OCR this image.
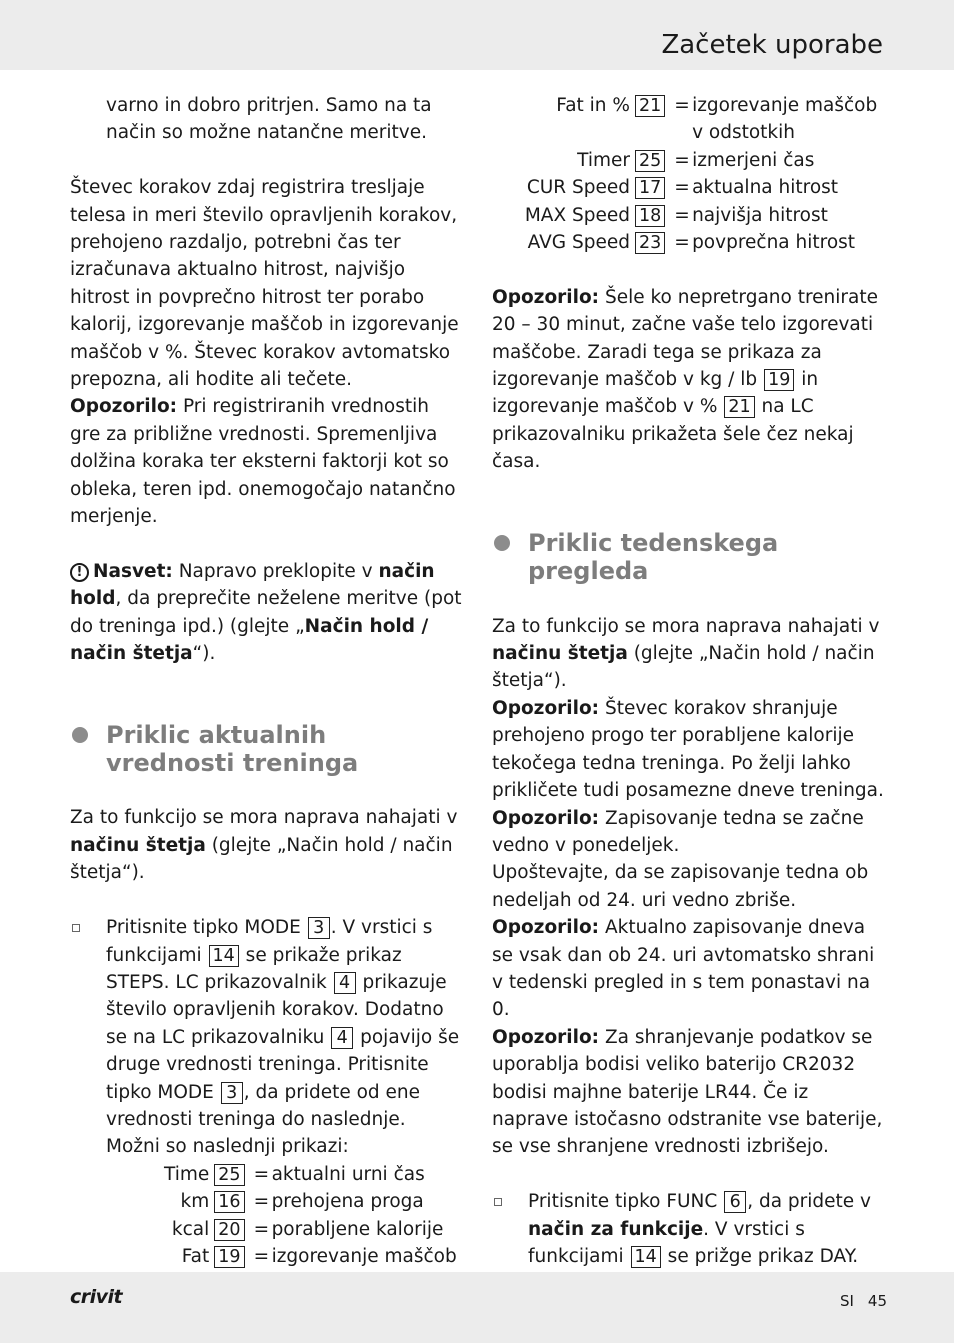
Začetek uporabe

varno in dobro pritrjen. Samo na ta način so možne natančne meritve.

Števec korakov zdaj registrira tresljaje telesa in meri število opravljenih korakov, prehojeno razdaljo, potrebni čas ter izračunava aktualno hitrost, najvišjo hitrost in povprečno hitrost ter porabo kalorij, izgorevanje maščob in izgorevanje maščob v %. Števec korakov avtomatsko prepozna, ali hodite ali tečete.

Opozorilo: Pri registriranih vrednostih gre za približne vrednosti. Spremenljiva dolžina koraka ter eksterni faktorji kot so obleka, teren ipd. onemogočajo natančno merjenje.

! Nasvet: Napravo preklopite v način hold, da preprečite neželene meritve (pot do treninga ipd.) (glejte „Način hold / način štetja“).

Priklic aktualnih vrednosti treninga

Za to funkcijo se mora naprava nahajati v načinu štetja (glejte „Način hold / način štetja“).

Pritisnite tipko MODE 3 . V vrstici s funkcijami 14 se prikaže prikaz STEPS. LC prikazovalnik 4 prikazuje število opravljenih korakov. Dodatno se na LC prikazovalniku 4 pojavijo še druge vrednosti treninga. Pritisnite tipko MODE 3 , da pridete od ene vrednosti treninga do naslednje.
Možni so naslednji prikazi:
Time	25	=	aktualni urni čas
km	16	=	prehojena proga
kcal	20	=	porabljene kalorije
Fat	19	=	izgorevanje maščob
Fat in %	21	=	izgorevanje maščob v odstotkih
Timer	25	=	izmerjeni čas
CUR Speed	17	=	aktualna hitrost
MAX Speed	18	=	najvišja hitrost
AVG Speed	23	=	povprečna hitrost

Opozorilo: Šele ko nepretrgano trenirate 20 – 30 minut, začne vaše telo izgorevati maščobe. Zaradi tega se prikaza za izgorevanje maščob v kg / lb 19 in izgorevanje maščob v % 21 na LC prikazovalniku prikažeta šele čez nekaj časa.

Priklic tedenskega pregleda

Za to funkcijo se mora naprava nahajati v načinu štetja (glejte „Način hold / način štetja“).

Opozorilo: Števec korakov shranjuje prehojeno progo ter porabljene kalorije tekočega tedna treninga. Po želji lahko prikličete tudi posamezne dneve treninga.

Opozorilo: Zapisovanje tedna se začne vedno v ponedeljek.

Upoštevajte, da se zapisovanje tedna ob nedeljah od 24. uri vedno zbriše.

Opozorilo: Aktualno zapisovanje dneva se vsak dan ob 24. uri avtomatsko shrani v tedenski pregled in s tem ponastavi na 0.

Opozorilo: Za shranjevanje podatkov se uporablja bodisi veliko baterijo CR2032 bodisi majhne baterije LR44. Če iz naprave istočasno odstranite vse baterije, se vse shranjene vrednosti izbrišejo.

Pritisnite tipko FUNC 6 , da pridete v način za funkcije. V vrstici s funkcijami 14 se prižge prikaz DAY.
crivit	SI 45
